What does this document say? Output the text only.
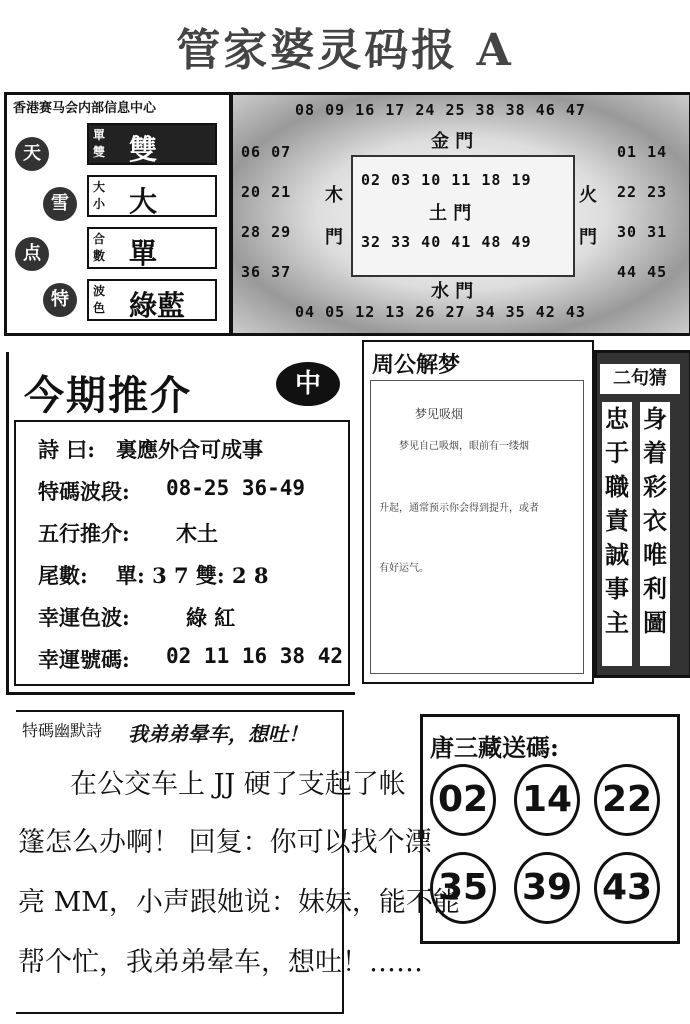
管家婆灵码报 A
香港赛马会内部信息中心
天
雪
点
特
單雙 雙
大小 大
合數 單
波色 綠藍
08 09 16 17 24 25 38 38 46 47
04 05 12 13 26 27 34 35 42 43
06 07
20 21
28 29
36 37
01 14
22 23
30 31
44 45
金 門
木
門
火
門
水 門
02 03 10 11 18 19
土 門
32 33 40 41 48 49
今期推介	中
詩 曰: 裏應外合可成事
特碼波段: 08-25 36-49
五行推介: 木土
尾數: 單: 3 7 雙: 2 8
幸運色波:	綠 紅
幸運號碼: 02 11 16 38 42
周公解梦
梦见吸烟
梦见自己吸烟，眼前有一缕烟
升起，通常预示你会得到提升，或者
有好运气。
二句猜
身着彩衣唯利圖
忠于職責誠事主
特碼幽默詩 我弟弟晕车，想吐！
在公交车上 JJ 硬了支起了帐
篷怎么办啊！ 回复：你可以找个漂
亮 MM，小声跟她说：妹妹，能不能
帮个忙，我弟弟晕车，想吐！……
唐三藏送碼:
02 14 22
35 39 43
